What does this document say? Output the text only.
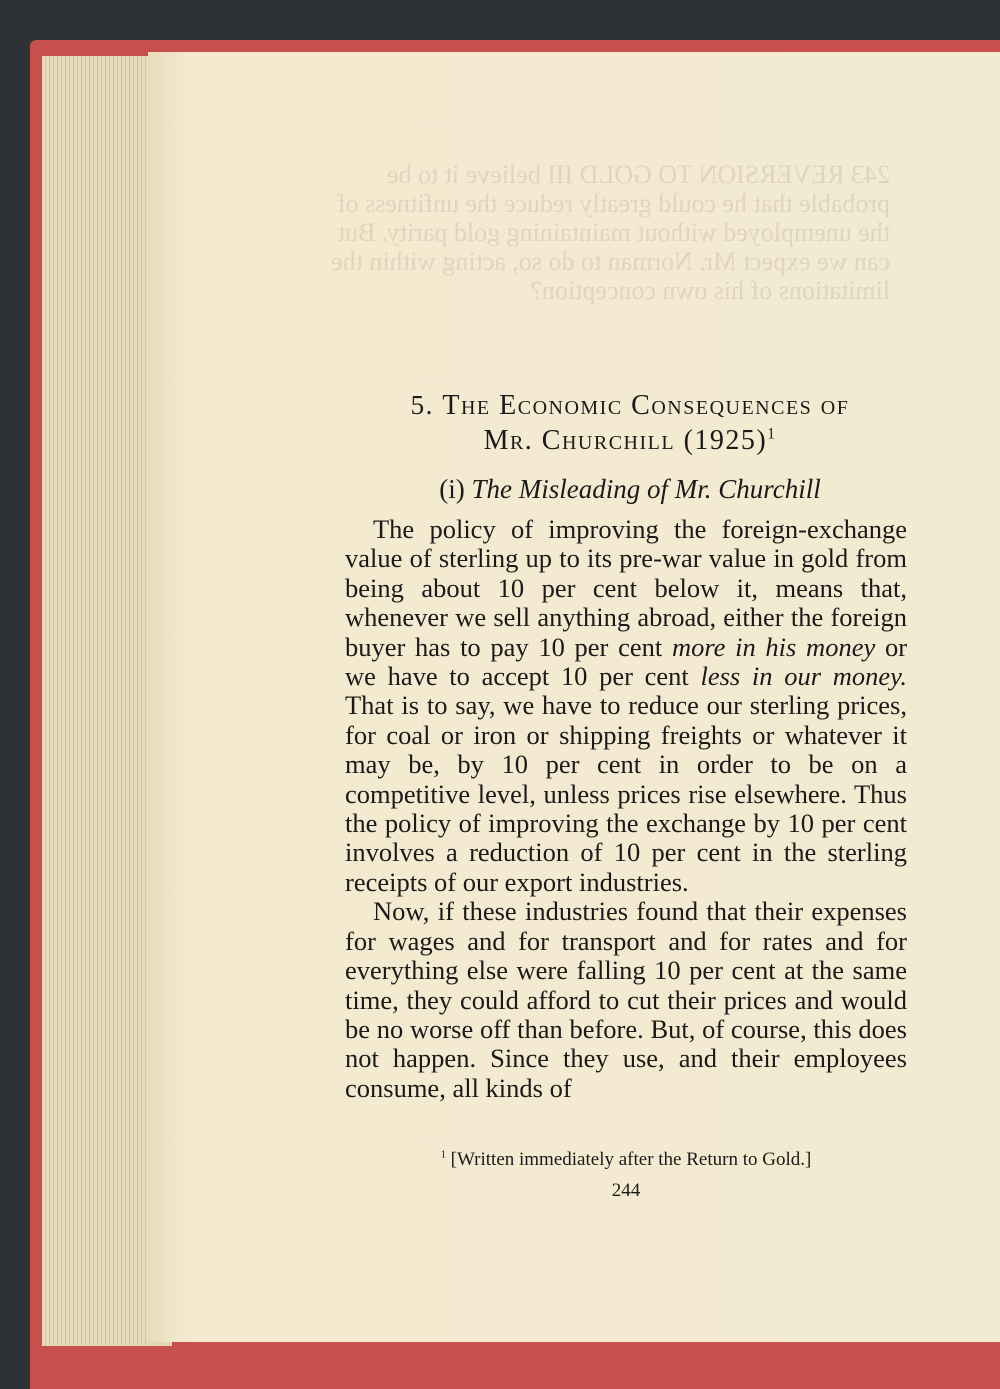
243 REVERSION TO GOLD III believe it to be probable that he could greatly reduce the unfitness of the unemployed without maintaining gold parity. But can we expect Mr. Norman to do so, acting within the limitations of his own conception?
5. The Economic Consequences of
Mr. Churchill $(1925)^1$
(i) The Misleading of Mr. Churchill

The policy of improving the foreign-exchange value of sterling up to its pre-war value in gold from being about 10 per cent below it, means that, whenever we sell anything abroad, either the foreign buyer has to pay 10 per cent more in his money or we have to accept 10 per cent less in our money. That is to say, we have to reduce our sterling prices, for coal or iron or shipping freights or whatever it may be, by 10 per cent in order to be on a competitive level, unless prices rise elsewhere. Thus the policy of improving the exchange by 10 per cent involves a reduction of 10 per cent in the sterling receipts of our export industries.

Now, if these industries found that their expenses for wages and for transport and for rates and for everything else were falling 10 per cent at the same time, they could afford to cut their prices and would be no worse off than before. But, of course, this does not happen. Since they use, and their employees consume, all kinds of

$^1$ [Written immediately after the Return to Gold.]
244
